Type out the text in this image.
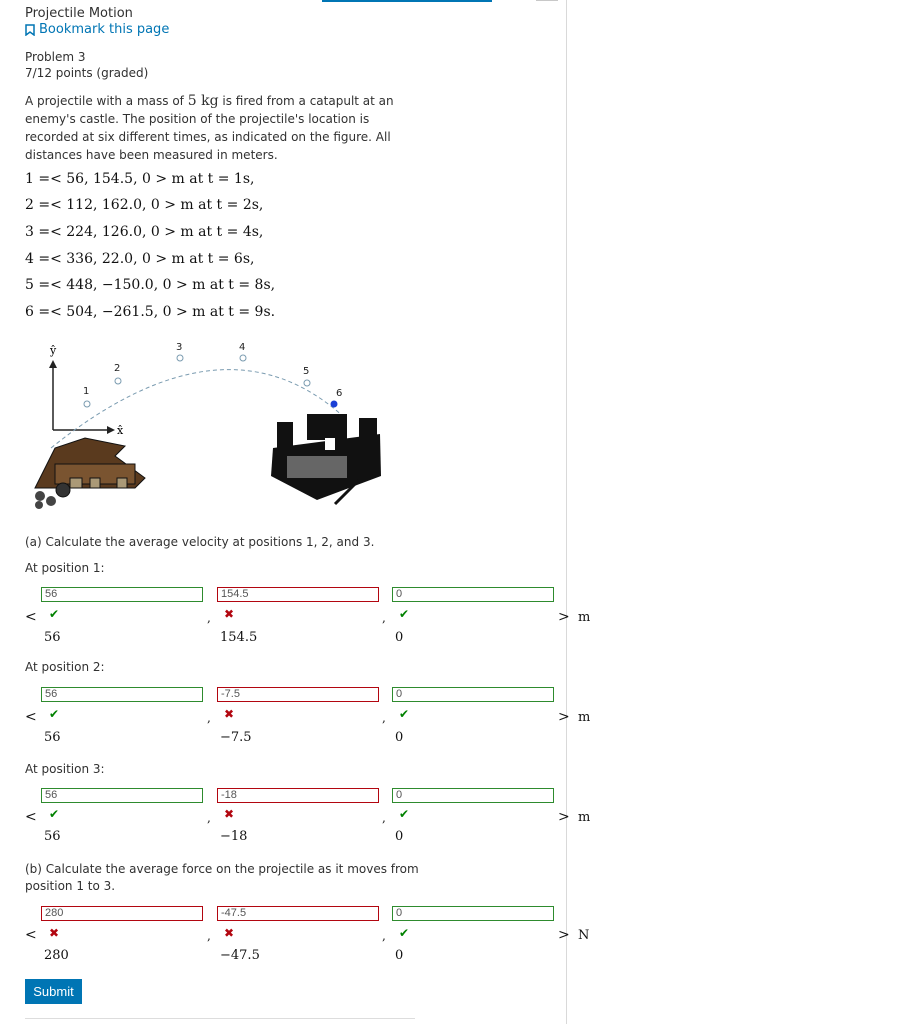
Projectile Motion
Bookmark this page
Problem 3
7/12 points (graded)
A projectile with a mass of 5 kg is fired from a catapult at an enemy's castle. The position of the projectile's location is recorded at six different times, as indicated on the figure. All distances have been measured in meters.
1 =< 56, 154.5, 0 > m at t = 1s,
2 =< 112, 162.0, 0 > m at t = 2s,
3 =< 224, 126.0, 0 > m at t = 4s,
4 =< 336, 22.0, 0 > m at t = 6s,
5 =< 448, −150.0, 0 > m at t = 8s,
6 =< 504, −261.5, 0 > m at t = 9s.
ŷ
x̂
1
2
3	4
5
6
(a) Calculate the average velocity at positions 1, 2, and 3.
At position 1:
<
56 ✔
56
,
154.5 ✖
154.5
,
0 ✔
0
> m
At position 2:
<
56 ✔
56
,
-7.5 ✖
−7.5
,
0 ✔
0
> m
At position 3:
<
56 ✔
56
,
-18 ✖
−18
,
0 ✔
0
> m
(b) Calculate the average force on the projectile as it moves from position 1 to 3.
<
280 ✖
280
,
-47.5 ✖
−47.5
,
0 ✔
0
> N
Submit
